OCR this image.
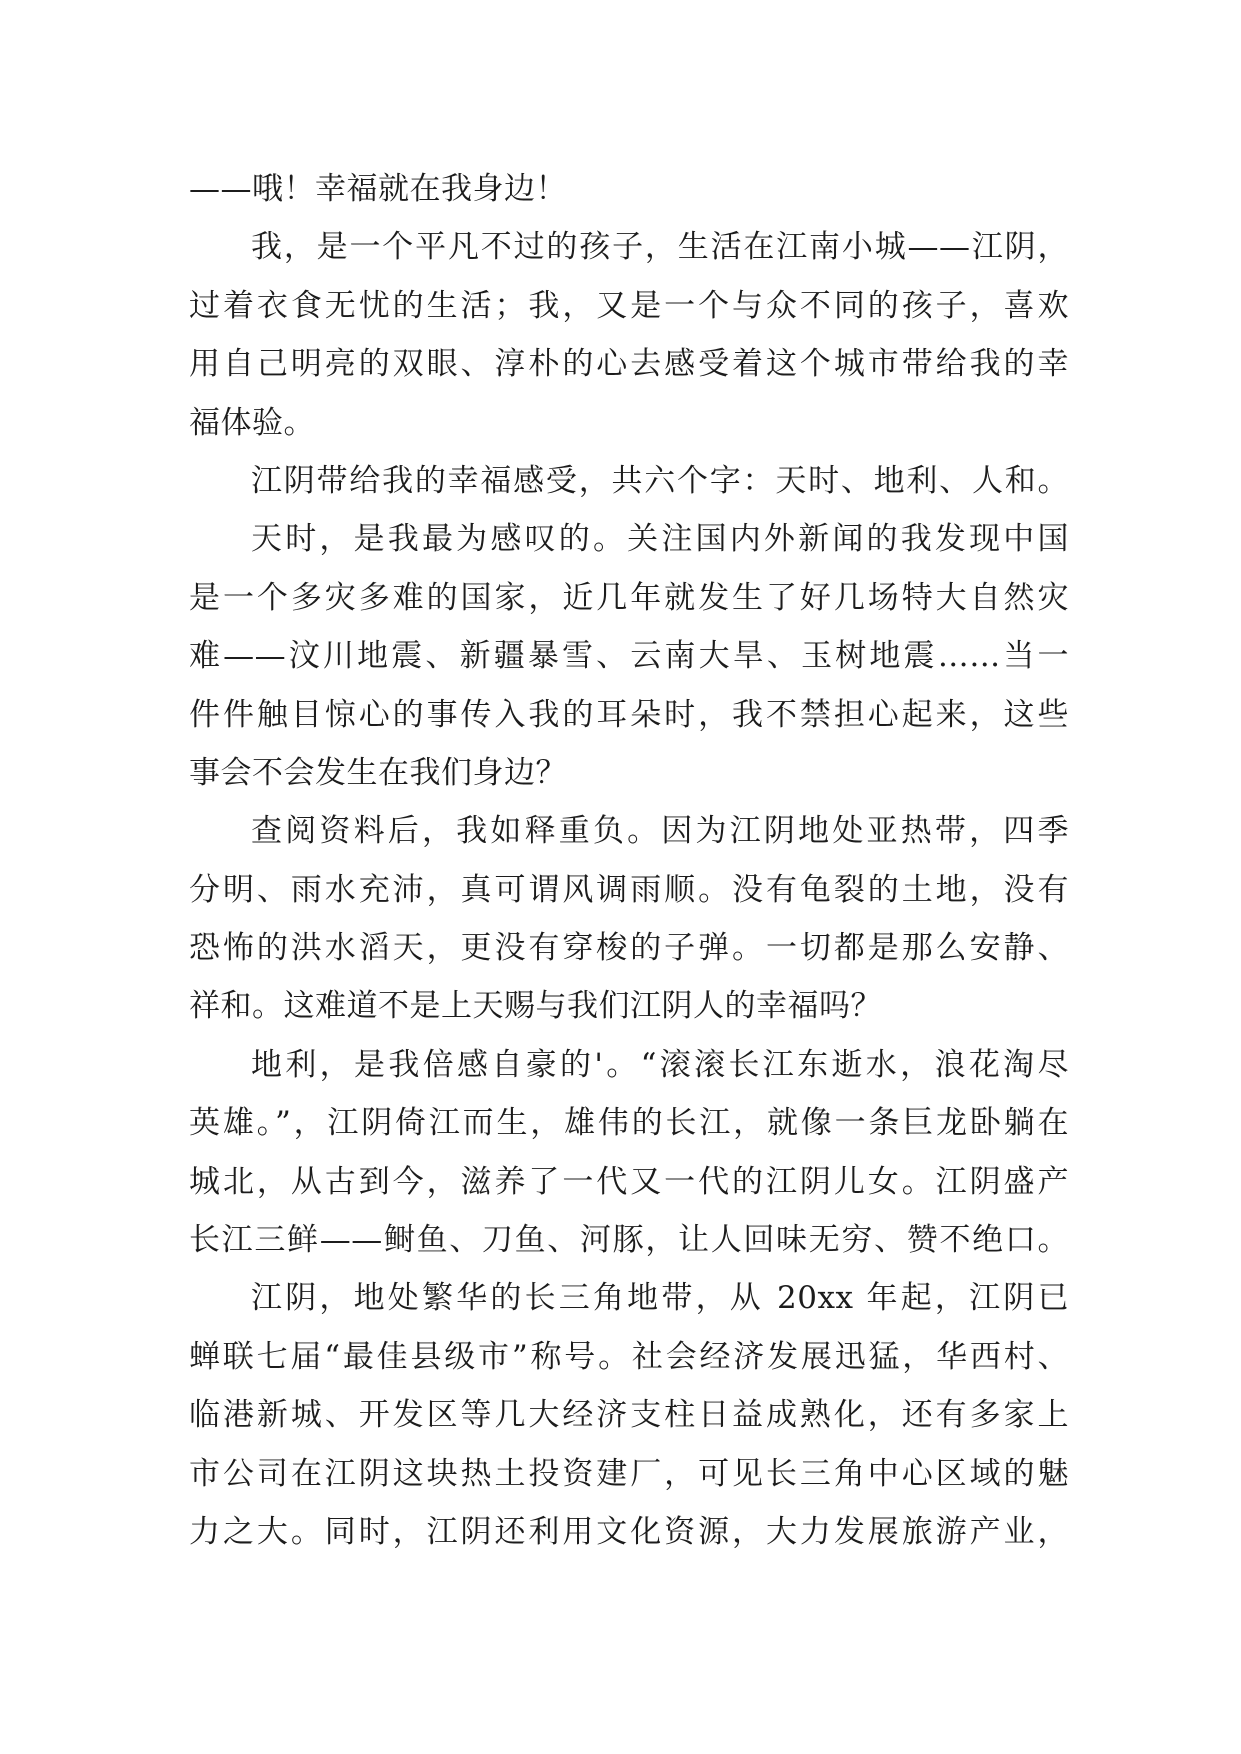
——哦！幸福就在我身边！
我，是一个平凡不过的孩子，生活在江南小城——江阴，
过着衣食无忧的生活；我，又是一个与众不同的孩子，喜欢
用自己明亮的双眼、淳朴的心去感受着这个城市带给我的幸
福体验。
江阴带给我的幸福感受，共六个字：天时、地利、人和。
天时，是我最为感叹的。关注国内外新闻的我发现中国
是一个多灾多难的国家，近几年就发生了好几场特大自然灾
难——汶川地震、新疆暴雪、云南大旱、玉树地震……当一
件件触目惊心的事传入我的耳朵时，我不禁担心起来，这些
事会不会发生在我们身边？
查阅资料后，我如释重负。因为江阴地处亚热带，四季
分明、雨水充沛，真可谓风调雨顺。没有龟裂的土地，没有
恐怖的洪水滔天，更没有穿梭的子弹。一切都是那么安静、
祥和。这难道不是上天赐与我们江阴人的幸福吗？
地利，是我倍感自豪的'。“滚滚长江东逝水，浪花淘尽
英雄。”，江阴倚江而生，雄伟的长江，就像一条巨龙卧躺在
城北，从古到今，滋养了一代又一代的江阴儿女。江阴盛产
长江三鲜——鲥鱼、刀鱼、河豚，让人回味无穷、赞不绝口。
江阴，地处繁华的长三角地带，从 20xx 年起，江阴已
蝉联七届“最佳县级市”称号。社会经济发展迅猛，华西村、
临港新城、开发区等几大经济支柱日益成熟化，还有多家上
市公司在江阴这块热土投资建厂，可见长三角中心区域的魅
力之大。同时，江阴还利用文化资源，大力发展旅游产业，
